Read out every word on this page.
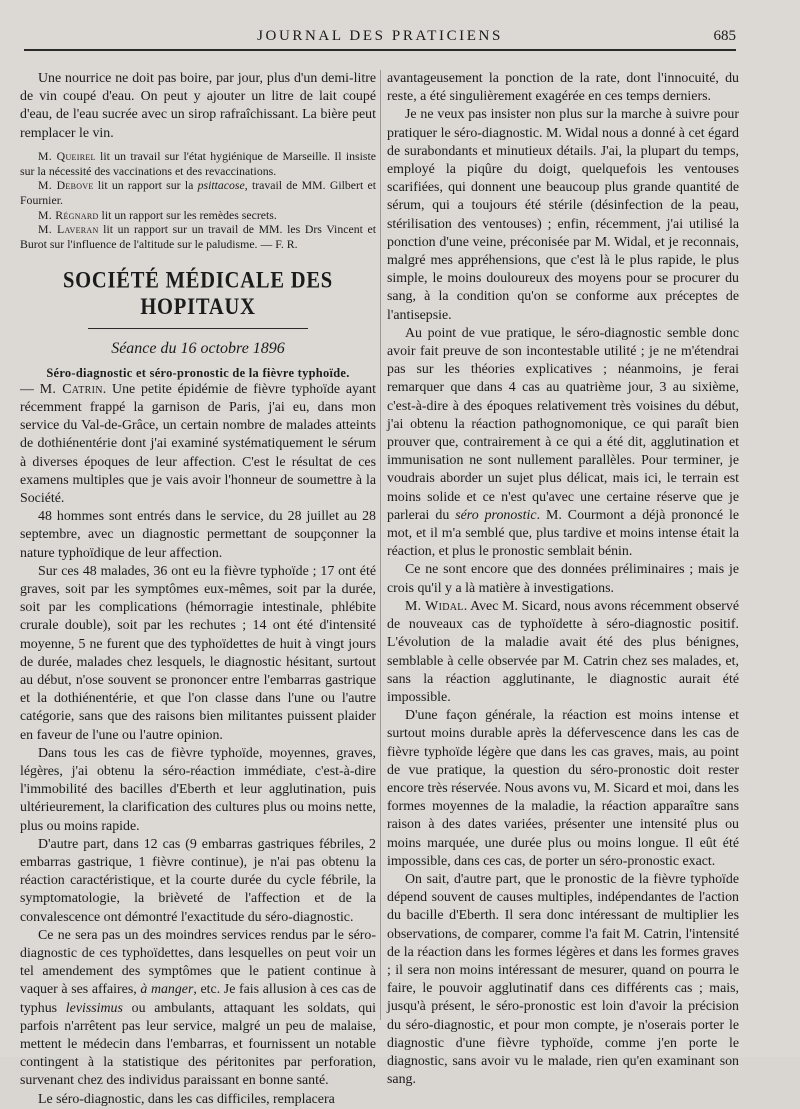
JOURNAL DES PRATICIENS	685

Une nourrice ne doit pas boire, par jour, plus d'un demi-litre de vin coupé d'eau. On peut y ajouter un litre de lait coupé d'eau, de l'eau sucrée avec un sirop rafraîchissant. La bière peut remplacer le vin.

M. Queirel lit un travail sur l'état hygiénique de Marseille. Il insiste sur la nécessité des vaccinations et des revaccinations.

M. Debove lit un rapport sur la psittacose, travail de MM. Gilbert et Fournier.

M. Régnard lit un rapport sur les remèdes secrets.

M. Laveran lit un rapport sur un travail de MM. les Drs Vincent et Burot sur l'influence de l'altitude sur le paludisme. — F. R.

SOCIÉTÉ MÉDICALE DES HOPITAUX
Séance du 16 octobre 1896
Séro-diagnostic et séro-pronostic de la fièvre typhoïde.

— M. Catrin. Une petite épidémie de fièvre typhoïde ayant récemment frappé la garnison de Paris, j'ai eu, dans mon service du Val-de-Grâce, un certain nombre de malades atteints de dothiénentérie dont j'ai examiné systématiquement le sérum à diverses époques de leur affection. C'est le résultat de ces examens multiples que je vais avoir l'honneur de soumettre à la Société.

48 hommes sont entrés dans le service, du 28 juillet au 28 septembre, avec un diagnostic permettant de soupçonner la nature typhoïdique de leur affection.

Sur ces 48 malades, 36 ont eu la fièvre typhoïde ; 17 ont été graves, soit par les symptômes eux-mêmes, soit par la durée, soit par les complications (hémorragie intestinale, phlébite crurale double), soit par les rechutes ; 14 ont été d'intensité moyenne, 5 ne furent que des typhoïdettes de huit à vingt jours de durée, malades chez lesquels, le diagnostic hésitant, surtout au début, n'ose souvent se prononcer entre l'embarras gastrique et la dothiénentérie, et que l'on classe dans l'une ou l'autre catégorie, sans que des raisons bien militantes puissent plaider en faveur de l'une ou l'autre opinion.

Dans tous les cas de fièvre typhoïde, moyennes, graves, légères, j'ai obtenu la séro-réaction immédiate, c'est-à-dire l'immobilité des bacilles d'Eberth et leur agglutination, puis ultérieurement, la clarification des cultures plus ou moins nette, plus ou moins rapide.

D'autre part, dans 12 cas (9 embarras gastriques fébriles, 2 embarras gastrique, 1 fièvre continue), je n'ai pas obtenu la réaction caractéristique, et la courte durée du cycle fébrile, la symptomatologie, la brièveté de l'affection et de la convalescence ont démontré l'exactitude du séro-diagnostic.

Ce ne sera pas un des moindres services rendus par le séro-diagnostic de ces typhoïdettes, dans lesquelles on peut voir un tel amendement des symptômes que le patient continue à vaquer à ses affaires, à manger, etc. Je fais allusion à ces cas de typhus levissimus ou ambulants, attaquant les soldats, qui parfois n'arrêtent pas leur service, malgré un peu de malaise, mettent le médecin dans l'embarras, et fournissent un notable contingent à la statistique des péritonites par perforation, survenant chez des individus paraissant en bonne santé.

Le séro-diagnostic, dans les cas difficiles, remplacera

avantageusement la ponction de la rate, dont l'innocuité, du reste, a été singulièrement exagérée en ces temps derniers.

Je ne veux pas insister non plus sur la marche à suivre pour pratiquer le séro-diagnostic. M. Widal nous a donné à cet égard de surabondants et minutieux détails. J'ai, la plupart du temps, employé la piqûre du doigt, quelquefois les ventouses scarifiées, qui donnent une beaucoup plus grande quantité de sérum, qui a toujours été stérile (désinfection de la peau, stérilisation des ventouses) ; enfin, récemment, j'ai utilisé la ponction d'une veine, préconisée par M. Widal, et je reconnais, malgré mes appréhensions, que c'est là le plus rapide, le plus simple, le moins douloureux des moyens pour se procurer du sang, à la condition qu'on se conforme aux préceptes de l'antisepsie.

Au point de vue pratique, le séro-diagnostic semble donc avoir fait preuve de son incontestable utilité ; je ne m'étendrai pas sur les théories explicatives ; néanmoins, je ferai remarquer que dans 4 cas au quatrième jour, 3 au sixième, c'est-à-dire à des époques relativement très voisines du début, j'ai obtenu la réaction pathognomonique, ce qui paraît bien prouver que, contrairement à ce qui a été dit, agglutination et immunisation ne sont nullement parallèles. Pour terminer, je voudrais aborder un sujet plus délicat, mais ici, le terrain est moins solide et ce n'est qu'avec une certaine réserve que je parlerai du séro pronostic. M. Courmont a déjà prononcé le mot, et il m'a semblé que, plus tardive et moins intense était la réaction, et plus le pronostic semblait bénin.

Ce ne sont encore que des données préliminaires ; mais je crois qu'il y a là matière à investigations.

M. Widal. Avec M. Sicard, nous avons récemment observé de nouveaux cas de typhoïdette à séro-diagnostic positif. L'évolution de la maladie avait été des plus bénignes, semblable à celle observée par M. Catrin chez ses malades, et, sans la réaction agglutinante, le diagnostic aurait été impossible.

D'une façon générale, la réaction est moins intense et surtout moins durable après la défervescence dans les cas de fièvre typhoïde légère que dans les cas graves, mais, au point de vue pratique, la question du séro-pronostic doit rester encore très réservée. Nous avons vu, M. Sicard et moi, dans les formes moyennes de la maladie, la réaction apparaître sans raison à des dates variées, présenter une intensité plus ou moins marquée, une durée plus ou moins longue. Il eût été impossible, dans ces cas, de porter un séro-pronostic exact.

On sait, d'autre part, que le pronostic de la fièvre typhoïde dépend souvent de causes multiples, indépendantes de l'action du bacille d'Eberth. Il sera donc intéressant de multiplier les observations, de comparer, comme l'a fait M. Catrin, l'intensité de la réaction dans les formes légères et dans les formes graves ; il sera non moins intéressant de mesurer, quand on pourra le faire, le pouvoir agglutinatif dans ces différents cas ; mais, jusqu'à présent, le séro-pronostic est loin d'avoir la précision du séro-diagnostic, et pour mon compte, je n'oserais porter le diagnostic d'une fièvre typhoïde, comme j'en porte le diagnostic, sans avoir vu le malade, rien qu'en examinant son sang.
